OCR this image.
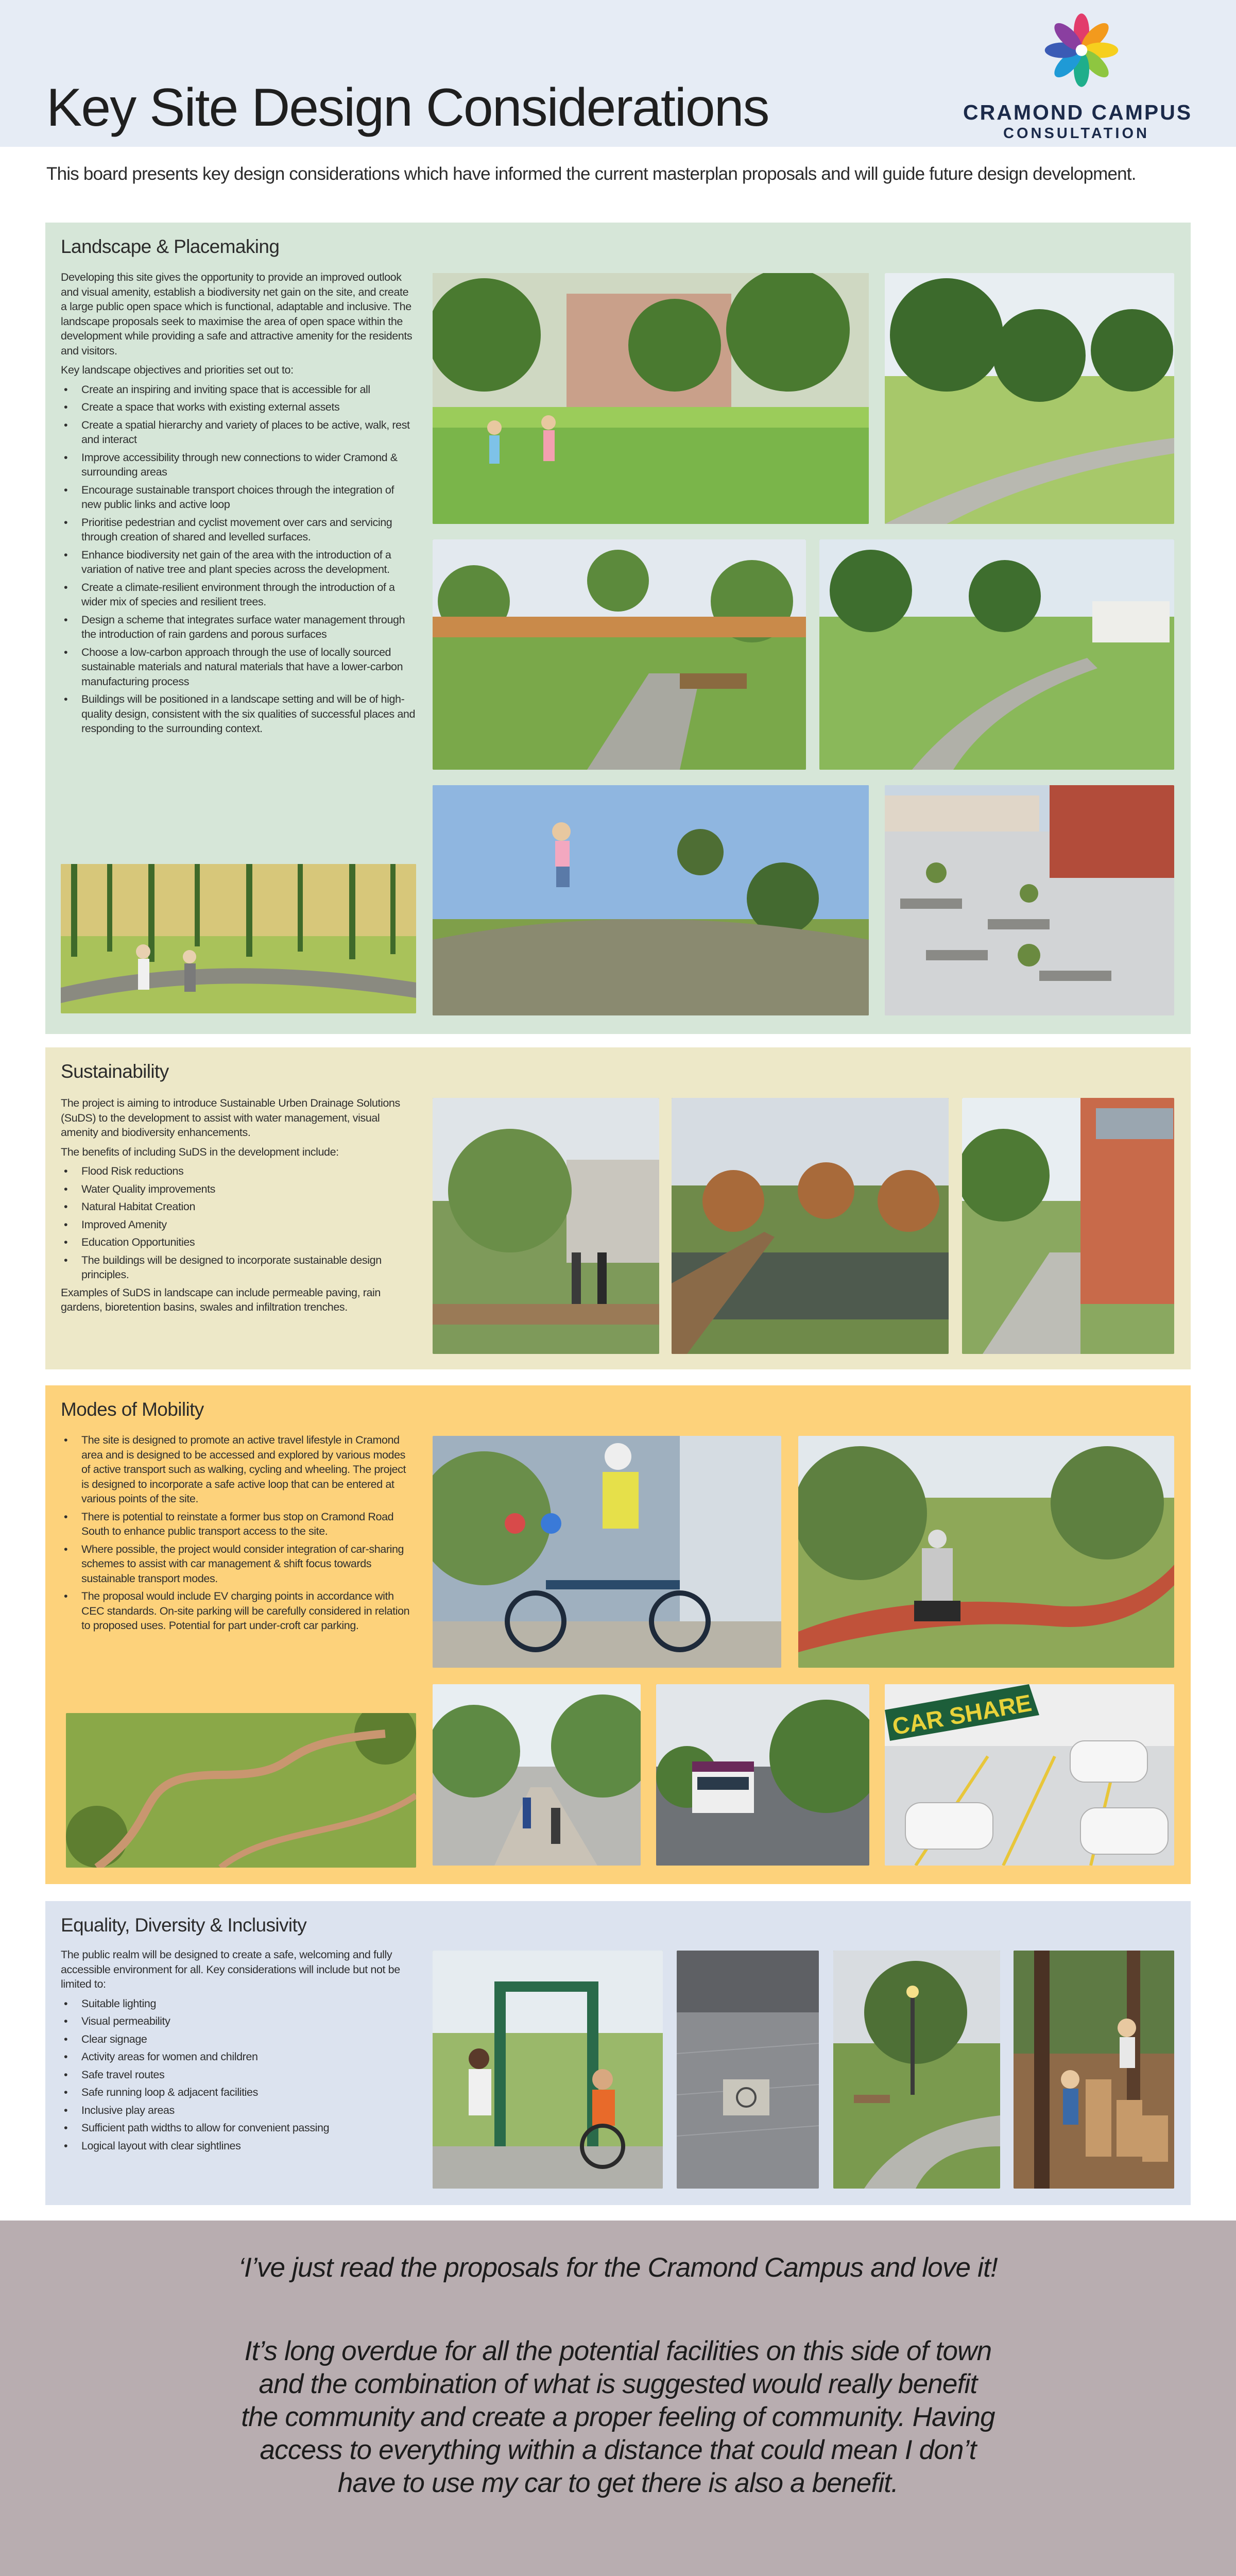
Key Site Design Considerations	CRAMOND CAMPUS
CONSULTATION
This board presents key design considerations which have informed the current masterplan proposals and will guide future design development.
Landscape & Placemaking

Developing this site gives the opportunity to provide an improved outlook and visual amenity, establish a biodiversity net gain on the site, and create a large public open space which is functional, adaptable and inclusive. The landscape proposals seek to maximise the area of open space within the development while providing a safe and attractive amenity for the residents and visitors.

Key landscape objectives and priorities set out to:

• Create an inspiring and inviting space that is accessible for all
• Create a space that works with existing external assets
• Create a spatial hierarchy and variety of places to be active, walk, rest and interact
• Improve accessibility through new connections to wider Cramond & surrounding areas
• Encourage sustainable transport choices through the integration of new public links and active loop
• Prioritise pedestrian and cyclist movement over cars and servicing through creation of shared and levelled surfaces.
• Enhance biodiversity net gain of the area with the introduction of a variation of native tree and plant species across the development.
• Create a climate-resilient environment through the introduction of a wider mix of species and resilient trees.
• Design a scheme that integrates surface water management through the introduction of rain gardens and porous surfaces
• Choose a low-carbon approach through the use of locally sourced sustainable materials and natural materials that have a lower-carbon manufacturing process
• Buildings will be positioned in a landscape setting and will be of high-quality design, consistent with the six qualities of successful places and responding to the surrounding context.
Sustainability

The project is aiming to introduce Sustainable Urben Drainage Solutions (SuDS) to the development to assist with water management, visual amenity and biodiversity enhancements.

The benefits of including SuDS in the development include:

• Flood Risk reductions
• Water Quality improvements
• Natural Habitat Creation
• Improved Amenity
• Education Opportunities
• The buildings will be designed to incorporate sustainable design principles.

Examples of SuDS in landscape can include permeable paving, rain gardens, bioretention basins, swales and infiltration trenches.

Modes of Mobility
• The site is designed to promote an active travel lifestyle in Cramond area and is designed to be accessed and explored by various modes of active transport such as walking, cycling and wheeling. The project is designed to incorporate a safe active loop that can be entered at various points of the site.
• There is potential to reinstate a former bus stop on Cramond Road South to enhance public transport access to the site.
• Where possible, the project would consider integration of car-sharing schemes to assist with car management & shift focus towards sustainable transport modes.
• The proposal would include EV charging points in accordance with CEC standards. On-site parking will be carefully considered in relation to proposed uses. Potential for part under-croft car parking.
CAR SHARE
Equality, Diversity & Inclusivity

The public realm will be designed to create a safe, welcoming and fully accessible environment for all. Key considerations will include but not be limited to:

• Suitable lighting
• Visual permeability
• Clear signage
• Activity areas for women and children
• Safe travel routes
• Safe running loop & adjacent facilities
• Inclusive play areas
• Sufficient path widths to allow for convenient passing
• Logical layout with clear sightlines
‘I’ve just read the proposals for the Cramond Campus and love it!
It’s long overdue for all the potential facilities on this side of town
and the combination of what is suggested would really benefit
the community and create a proper feeling of community. Having
access to everything within a distance that could mean I don’t
have to use my car to get there is also a benefit.
